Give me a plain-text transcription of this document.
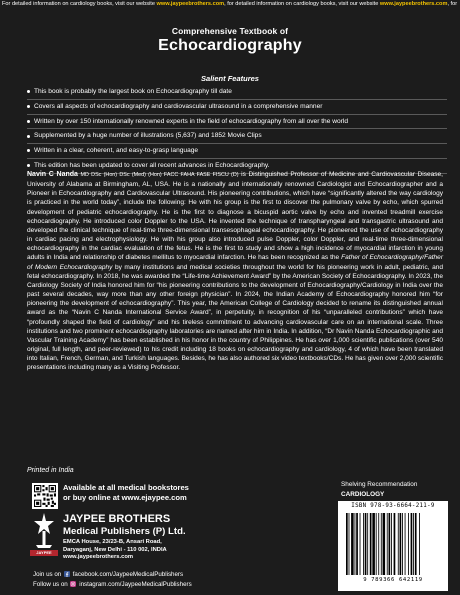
For detailed information on cardiology books, visit our website www.jaypeebrothers.com, for detailed information on cardiology books, visit our website www.jaypeebrothers.com, for
Comprehensive Textbook of
Echocardiography
Salient Features
This book is probably the largest book on Echocardiography till date
Covers all aspects of echocardiography and cardiovascular ultrasound in a comprehensive manner
Written by over 150 internationally renowned experts in the field of echocardiography from all over the world
Supplemented by a huge number of illustrations (5,637) and 1852 Movie Clips
Written in a clear, coherent, and easy-to-grasp language
This edition has been updated to cover all recent advances in Echocardiography.
Navin C Nanda MD DSc (Hon) DSc (Med) (Hon) FACC FAHA FASE FISCU (D) is Distinguished Professor of Medicine and Cardiovascular Disease, University of Alabama at Birmingham, AL, USA. He is a nationally and internationally renowned Cardiologist and Echocardiographer and a Pioneer in Echocardiography and Cardiovascular Ultrasound. His pioneering contributions, which have “significantly altered the way cardiology is practiced in the world today”, include the following: He with his group is the first to discover the pulmonary valve by echo, which spurred development of pediatric echocardiography. He is the first to diagnose a bicuspid aortic valve by echo and invented treadmill exercise echocardiography. He introduced color Doppler to the USA. He invented the technique of transpharyngeal and transgastric ultrasound and developed the clinical technique of real-time three-dimensional transesophageal echocardiography. He pioneered the use of echocardiography in cardiac pacing and electrophysiology. He with his group also introduced pulse Doppler, color Doppler, and real-time three-dimensional echocardiography in the cardiac evaluation of the fetus. He is the first to study and show a high incidence of myocardial infarction in young adults in India and relationship of diabetes mellitus to myocardial infarction. He has been recognized as the Father of Echocardiography/Father of Modern Echocardiography by many institutions and medical societies throughout the world for his pioneering work in adult, pediatric, and fetal echocardiography. In 2018, he was awarded the “Life-time Achievement Award” by the American Society of Echocardiography. In 2023, the Cardiology Society of India honored him for “his pioneering contributions to the development of Echocardiography/Cardiology in India over the past several decades, way more than any other foreign physician”. In 2024, the Indian Academy of Echocardiography honored him “for pioneering the development of echocardiography”. This year, the American College of Cardiology decided to rename its distinguished annual award as the “Navin C Nanda International Service Award”, in perpetuity, in recognition of his “unparalleled contributions” which have “profoundly shaped the field of cardiology” and his tireless commitment to advancing cardiovascular care on an international scale. Three institutions and two prominent echocardiography laboratories are named after him in India. In addition, “Dr Navin Nanda Echocardiographic and Vascular Training Academy” has been established in his honor in the country of Philippines. He has over 1,000 scientific publications (over 540 original, full length, and peer-reviewed) to his credit including 18 books on echocardiography and cardiology, 4 of which have been translated into Italian, French, German, and Turkish languages. Besides, he has also authored six video textbooks/CDs. He has given over 2,000 scientific presentations including many as a Visiting Professor.
Printed in India
Available at all medical bookstores
or buy online at www.ejaypee.com
JAYPEE
JAYPEE BROTHERS
Medical Publishers (P) Ltd.
EMCA House, 23/23-B, Ansari Road,
Daryaganj, New Delhi - 110 002, INDIA
www.jaypeebrothers.com
Join us on facebook.com/JaypeeMedicalPublishers
Follow us on instagram.com/JaypeeMedicalPublishers
Shelving Recommendation
CARDIOLOGY
ISBN 978-93-6664-211-9
9 789366 642119
